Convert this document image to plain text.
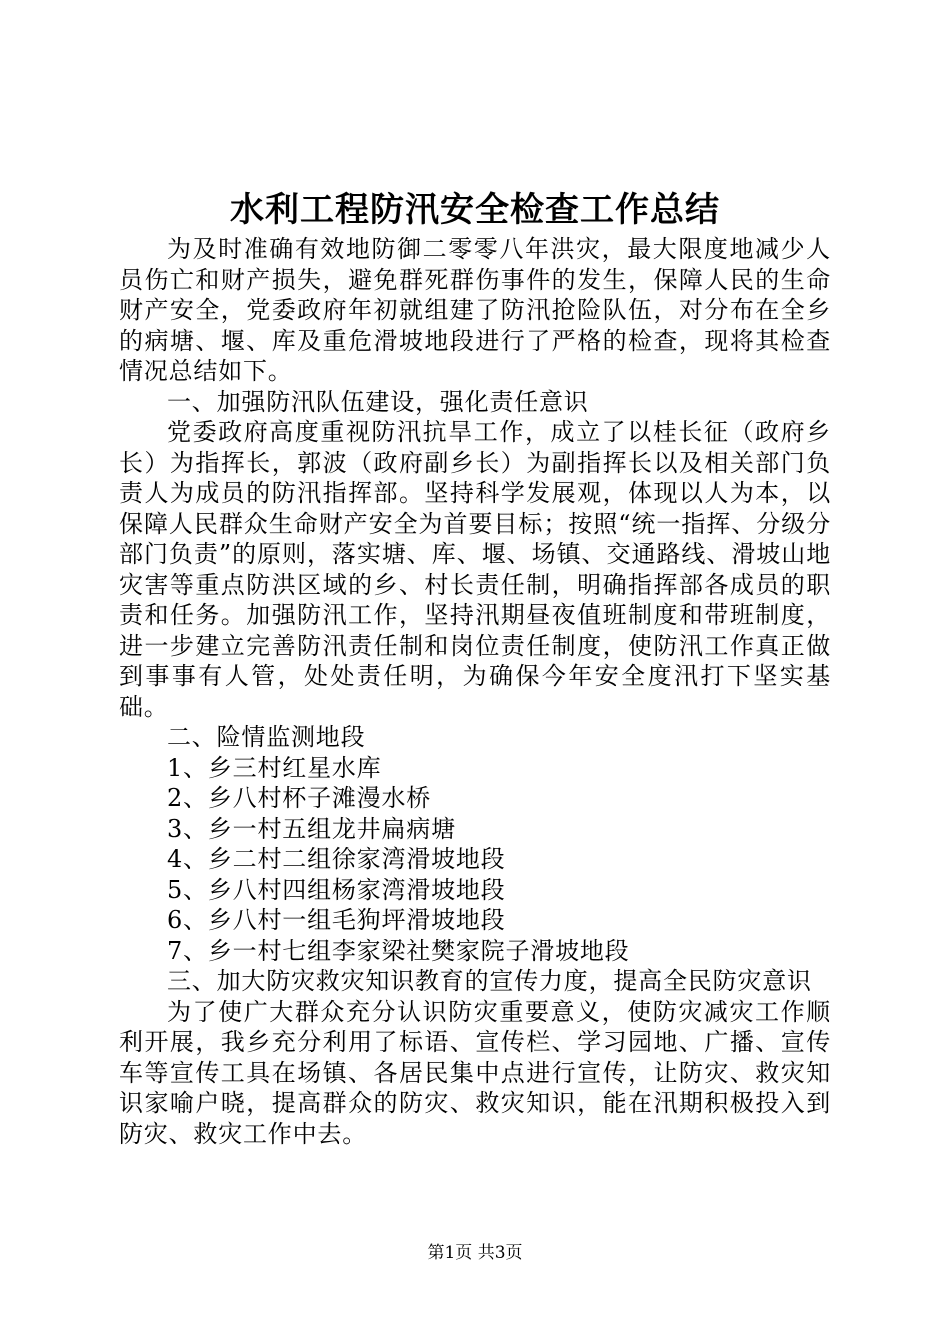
水利工程防汛安全检查工作总结

为及时准确有效地防御二零零八年洪灾，最大限度地减少人员伤亡和财产损失，避免群死群伤事件的发生，保障人民的生命财产安全，党委政府年初就组建了防汛抢险队伍，对分布在全乡的病塘、堰、库及重危滑坡地段进行了严格的检查，现将其检查情况总结如下。

一、加强防汛队伍建设，强化责任意识

党委政府高度重视防汛抗旱工作，成立了以桂长征（政府乡长）为指挥长，郭波（政府副乡长）为副指挥长以及相关部门负责人为成员的防汛指挥部。坚持科学发展观，体现以人为本，以保障人民群众生命财产安全为首要目标；按照“统一指挥、分级分部门负责”的原则，落实塘、库、堰、场镇、交通路线、滑坡山地灾害等重点防洪区域的乡、村长责任制，明确指挥部各成员的职责和任务。加强防汛工作，坚持汛期昼夜值班制度和带班制度，进一步建立完善防汛责任制和岗位责任制度，使防汛工作真正做到事事有人管，处处责任明，为确保今年安全度汛打下坚实基础。

二、险情监测地段

1、乡三村红星水库

2、乡八村杯子滩漫水桥

3、乡一村五组龙井扁病塘

4、乡二村二组徐家湾滑坡地段

5、乡八村四组杨家湾滑坡地段

6、乡八村一组毛狗坪滑坡地段

7、乡一村七组李家梁社樊家院子滑坡地段

三、加大防灾救灾知识教育的宣传力度，提高全民防灾意识

为了使广大群众充分认识防灾重要意义，使防灾减灾工作顺利开展，我乡充分利用了标语、宣传栏、学习园地、广播、宣传车等宣传工具在场镇、各居民集中点进行宣传，让防灾、救灾知识家喻户晓，提高群众的防灾、救灾知识，能在汛期积极投入到防灾、救灾工作中去。

第1页 共3页
